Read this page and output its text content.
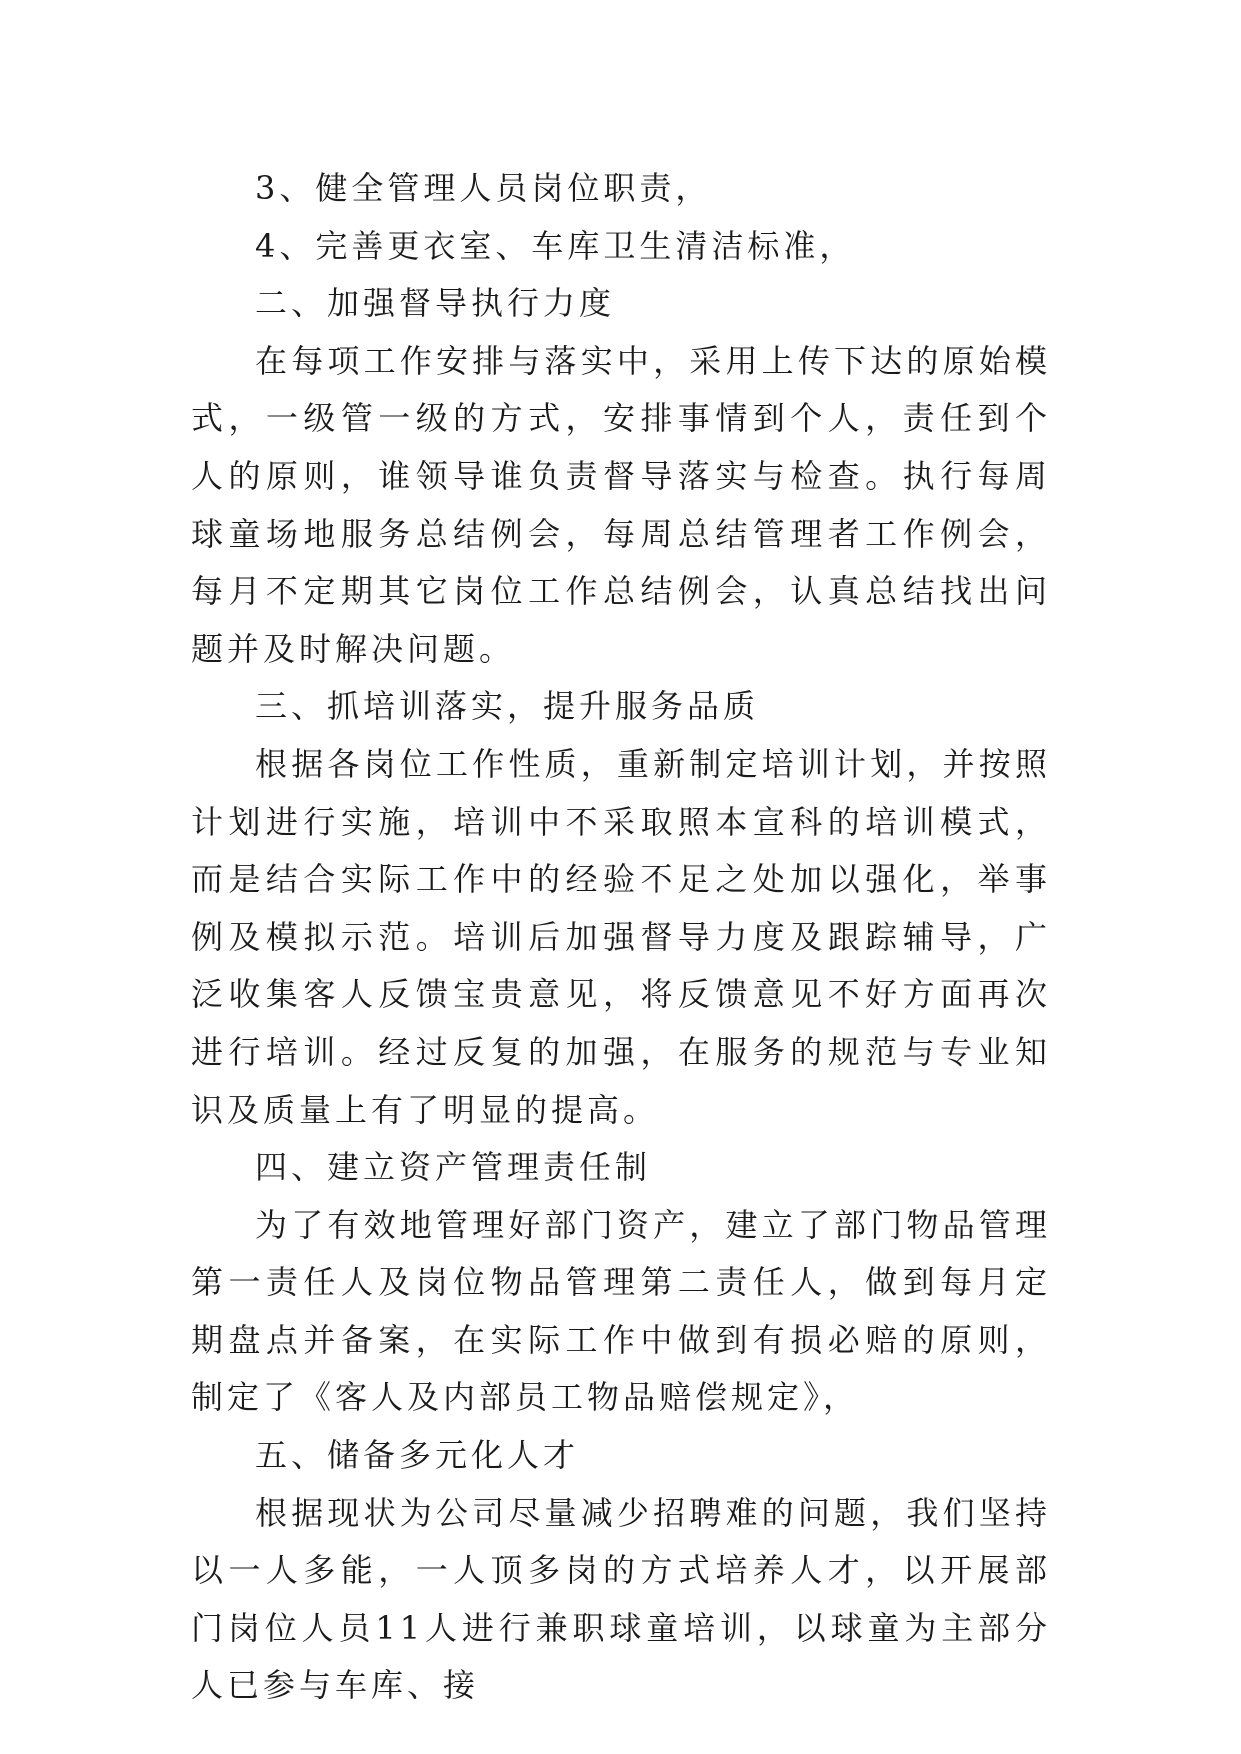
3、健全管理人员岗位职责，

4、完善更衣室、车库卫生清洁标准，

二、加强督导执行力度

在每项工作安排与落实中，采用上传下达的原始模式，一级管一级的方式，安排事情到个人，责任到个人的原则，谁领导谁负责督导落实与检查。执行每周球童场地服务总结例会，每周总结管理者工作例会，每月不定期其它岗位工作总结例会，认真总结找出问题并及时解决问题。

三、抓培训落实，提升服务品质

根据各岗位工作性质，重新制定培训计划，并按照计划进行实施，培训中不采取照本宣科的培训模式，而是结合实际工作中的经验不足之处加以强化，举事例及模拟示范。培训后加强督导力度及跟踪辅导，广泛收集客人反馈宝贵意见，将反馈意见不好方面再次进行培训。经过反复的加强，在服务的规范与专业知识及质量上有了明显的提高。

四、建立资产管理责任制

为了有效地管理好部门资产，建立了部门物品管理第一责任人及岗位物品管理第二责任人，做到每月定期盘点并备案，在实际工作中做到有损必赔的原则，制定了《客人及内部员工物品赔偿规定》，

五、储备多元化人才

根据现状为公司尽量减少招聘难的问题，我们坚持以一人多能，一人顶多岗的方式培养人才，以开展部门岗位人员11人进行兼职球童培训，以球童为主部分人已参与车库、接
